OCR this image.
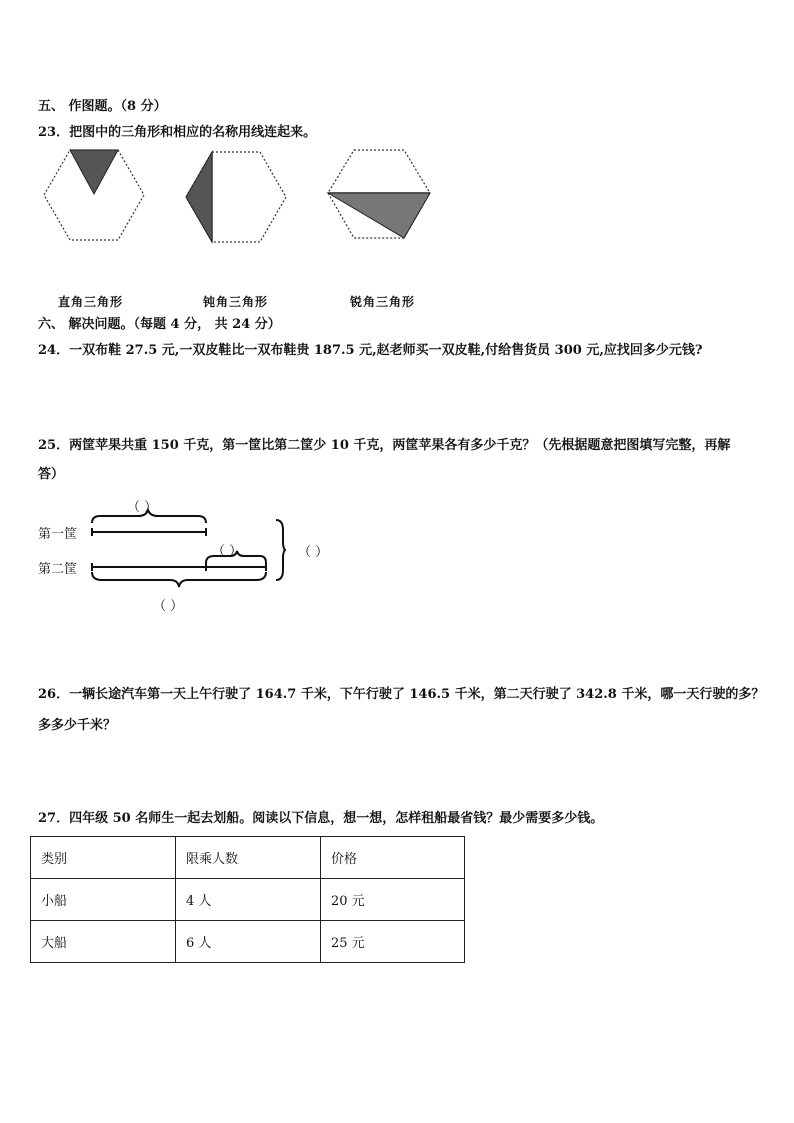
五、 作图题。（8 分）
23．把图中的三角形和相应的名称用线连起来。
直角三角形	钝角三角形	锐角三角形
六、 解决问题。（每题 4 分， 共 24 分）
24．一双布鞋 27.5 元,一双皮鞋比一双布鞋贵 187.5 元,赵老师买一双皮鞋,付给售货员 300 元,应找回多少元钱?
25．两筐苹果共重 150 千克，第一筐比第二筐少 10 千克，两筐苹果各有多少千克？（先根据题意把图填写完整，再解
答）
第一筐
第二筐
（ ）
（ ）	（ ）
（ ）
26．一辆长途汽车第一天上午行驶了 164.7 千米，下午行驶了 146.5 千米，第二天行驶了 342.8 千米，哪一天行驶的多？
多多少千米？
27．四年级 50 名师生一起去划船。阅读以下信息，想一想，怎样租船最省钱？最少需要多少钱。
类别	限乘人数	价格
小船	4 人	20 元
大船	6 人	25 元
